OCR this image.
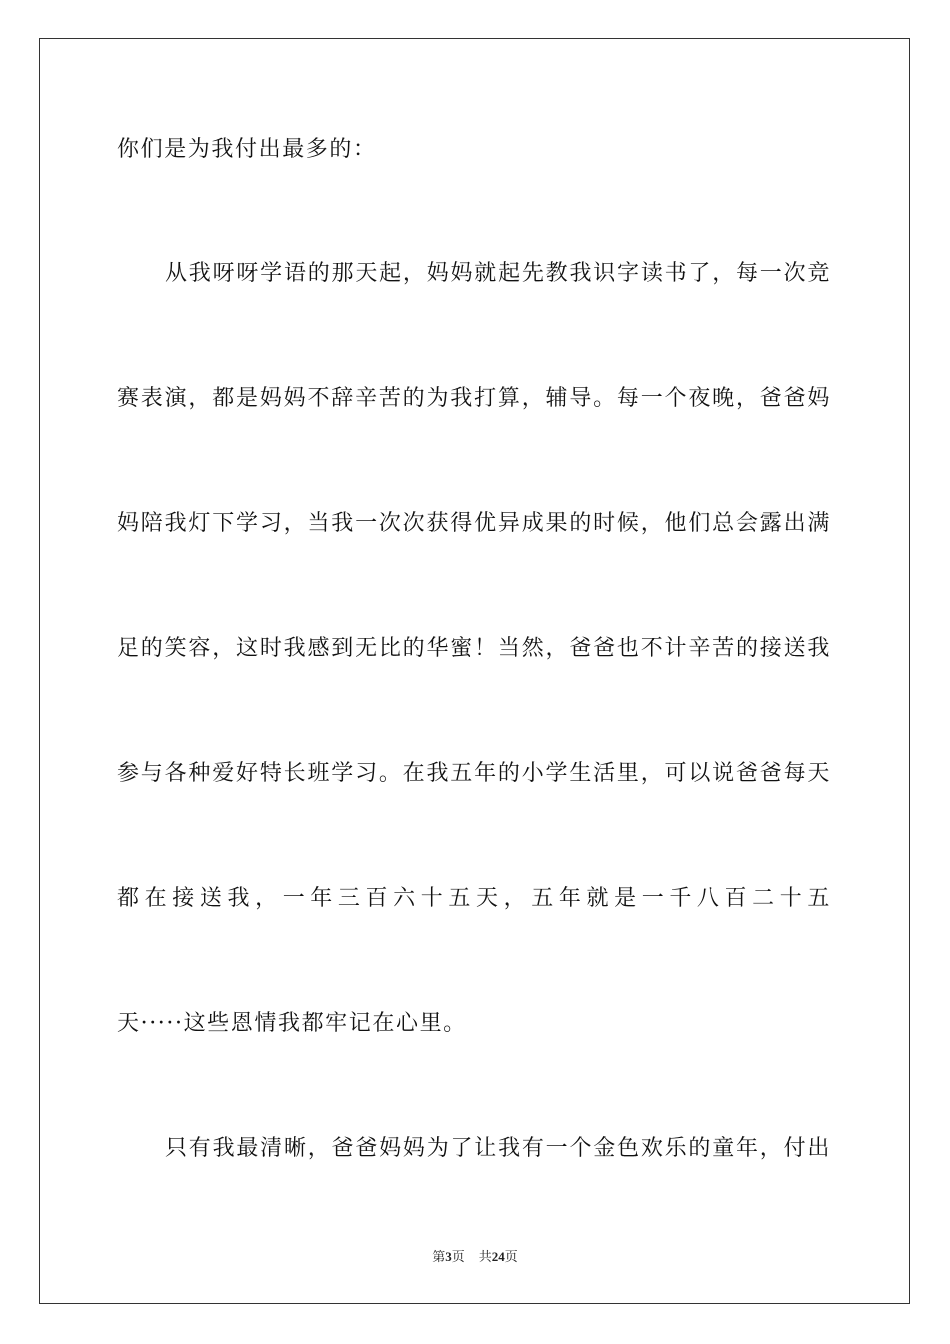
你们是为我付出最多的：
从我呀呀学语的那天起，妈妈就起先教我识字读书了，每一次竞
赛表演，都是妈妈不辞辛苦的为我打算，辅导。每一个夜晚，爸爸妈
妈陪我灯下学习，当我一次次获得优异成果的时候，他们总会露出满
足的笑容，这时我感到无比的华蜜！当然，爸爸也不计辛苦的接送我
参与各种爱好特长班学习。在我五年的小学生活里，可以说爸爸每天
都在接送我，一年三百六十五天，五年就是一千八百二十五
天·····这些恩情我都牢记在心里。
只有我最清晰，爸爸妈妈为了让我有一个金色欢乐的童年，付出
第3页 共24页
